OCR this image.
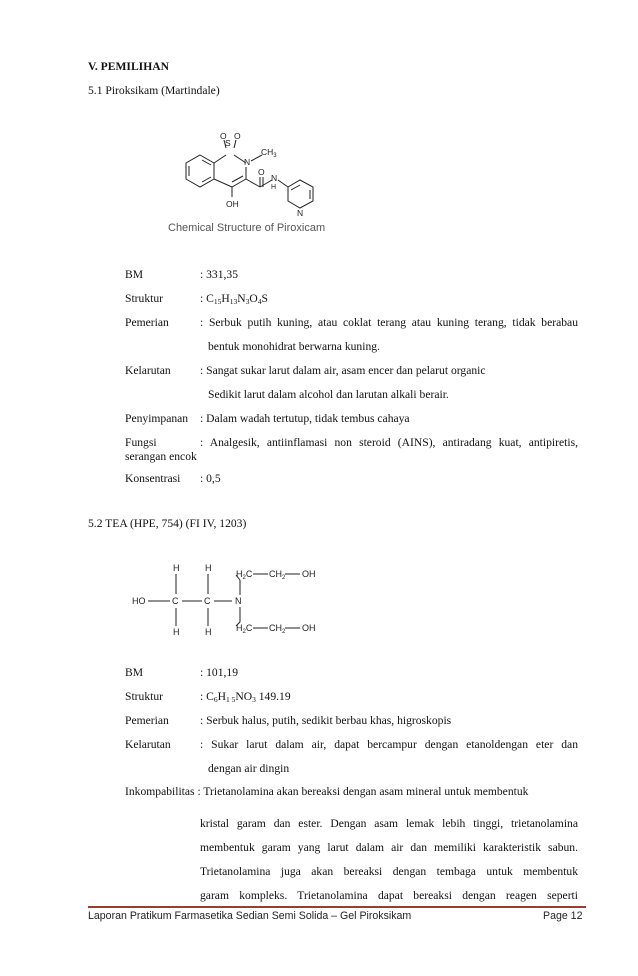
V. PEMILIHAN
5.1 Piroksikam (Martindale)
S
O O
N
$CH_3$
OH
O
N
H
N
Chemical Structure of Piroxicam
BM	: 331,35
Struktur	: $C_{15}H_{13}N_3O_4S$
Pemerian	: Serbuk putih kuning, atau coklat terang atau kuning terang, tidak berabau
bentuk monohidrat berwarna kuning.
Kelarutan	: Sangat sukar larut dalam air, asam encer dan pelarut organic
Sedikit larut dalam alcohol dan larutan alkali berair.
Penyimpanan : Dalam wadah tertutup, tidak tembus cahaya
Fungsi	: Analgesik, antiinflamasi non steroid (AINS), antiradang kuat, antipiretis,
serangan encok
Konsentrasi : 0,5
5.2 TEA (HPE, 754) (FI IV, 1203)
H	H
H	H
HO	C	C	N
$H_2C$ $CH_2$ OH
$H_2C$ $CH_2$ OH
BM	: 101,19
Struktur	: $C_6H_{1 5}NO_3$ 149.19
Pemerian	: Serbuk halus, putih, sedikit berbau khas, higroskopis
Kelarutan	: Sukar larut dalam air, dapat bercampur dengan etanoldengan eter dan
dengan air dingin
Inkompabilitas : Trietanolamina akan bereaksi dengan asam mineral untuk membentuk
kristal garam dan ester. Dengan asam lemak lebih tinggi, trietanolamina
membentuk garam yang larut dalam air dan memiliki karakteristik sabun.
Trietanolamina juga akan bereaksi dengan tembaga untuk membentuk
garam kompleks. Trietanolamina dapat bereaksi dengan reagen seperti
Laporan Pratikum Farmasetika Sedian Semi Solida – Gel Piroksikam	Page 12
